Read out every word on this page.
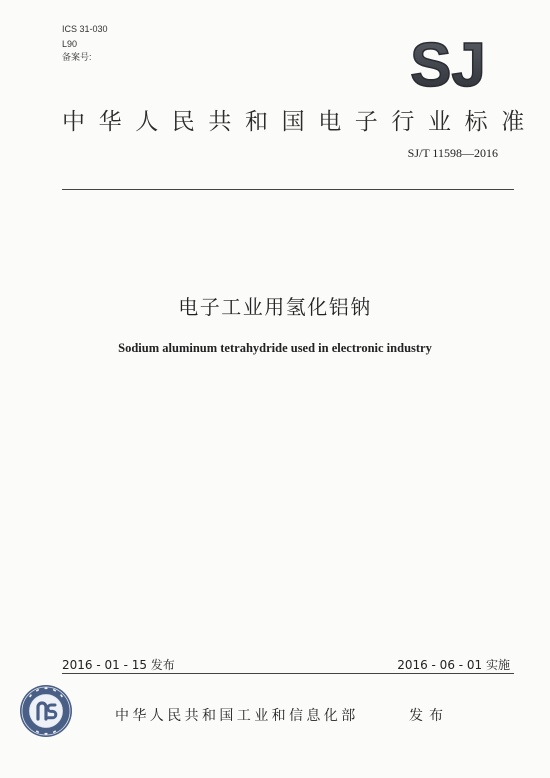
ICS 31-030
L90
备案号:	SJ
中华人民共和国电子行业标准
SJ/T 11598—2016
电子工业用氢化铝钠
Sodium aluminum tetrahydride used in electronic industry
2016 - 01 - 15 发布	2016 - 06 - 01 实施
中华人民共和国工业和信息化部	发布
